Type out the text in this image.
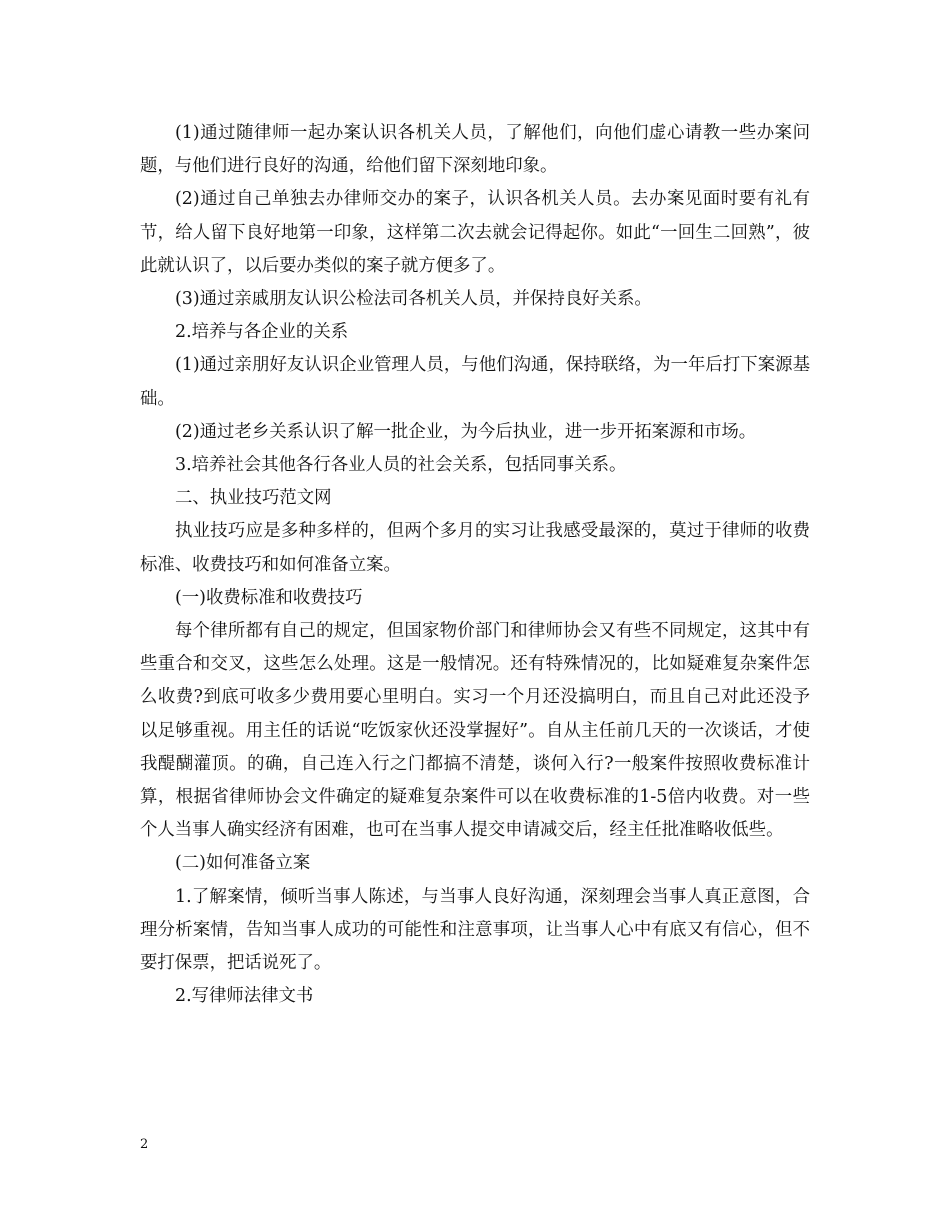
(1)通过随律师一起办案认识各机关人员，了解他们，向他们虚心请教一些办案问题，与他们进行良好的沟通，给他们留下深刻地印象。

(2)通过自己单独去办律师交办的案子，认识各机关人员。去办案见面时要有礼有节，给人留下良好地第一印象，这样第二次去就会记得起你。如此“一回生二回熟”，彼此就认识了，以后要办类似的案子就方便多了。

(3)通过亲戚朋友认识公检法司各机关人员，并保持良好关系。

2.培养与各企业的关系

(1)通过亲朋好友认识企业管理人员，与他们沟通，保持联络，为一年后打下案源基础。

(2)通过老乡关系认识了解一批企业，为今后执业，进一步开拓案源和市场。

3.培养社会其他各行各业人员的社会关系，包括同事关系。

二、执业技巧范文网

执业技巧应是多种多样的，但两个多月的实习让我感受最深的，莫过于律师的收费标准、收费技巧和如何准备立案。

(一)收费标准和收费技巧

每个律所都有自己的规定，但国家物价部门和律师协会又有些不同规定，这其中有些重合和交叉，这些怎么处理。这是一般情况。还有特殊情况的，比如疑难复杂案件怎么收费?到底可收多少费用要心里明白。实习一个月还没搞明白，而且自己对此还没予以足够重视。用主任的话说“吃饭家伙还没掌握好”。自从主任前几天的一次谈话，才使我醍醐灌顶。的确，自己连入行之门都搞不清楚，谈何入行?一般案件按照收费标准计算，根据省律师协会文件确定的疑难复杂案件可以在收费标准的1-5倍内收费。对一些个人当事人确实经济有困难，也可在当事人提交申请减交后，经主任批准略收低些。

(二)如何准备立案

1.了解案情，倾听当事人陈述，与当事人良好沟通，深刻理会当事人真正意图，合理分析案情，告知当事人成功的可能性和注意事项，让当事人心中有底又有信心，但不要打保票，把话说死了。

2.写律师法律文书

2
